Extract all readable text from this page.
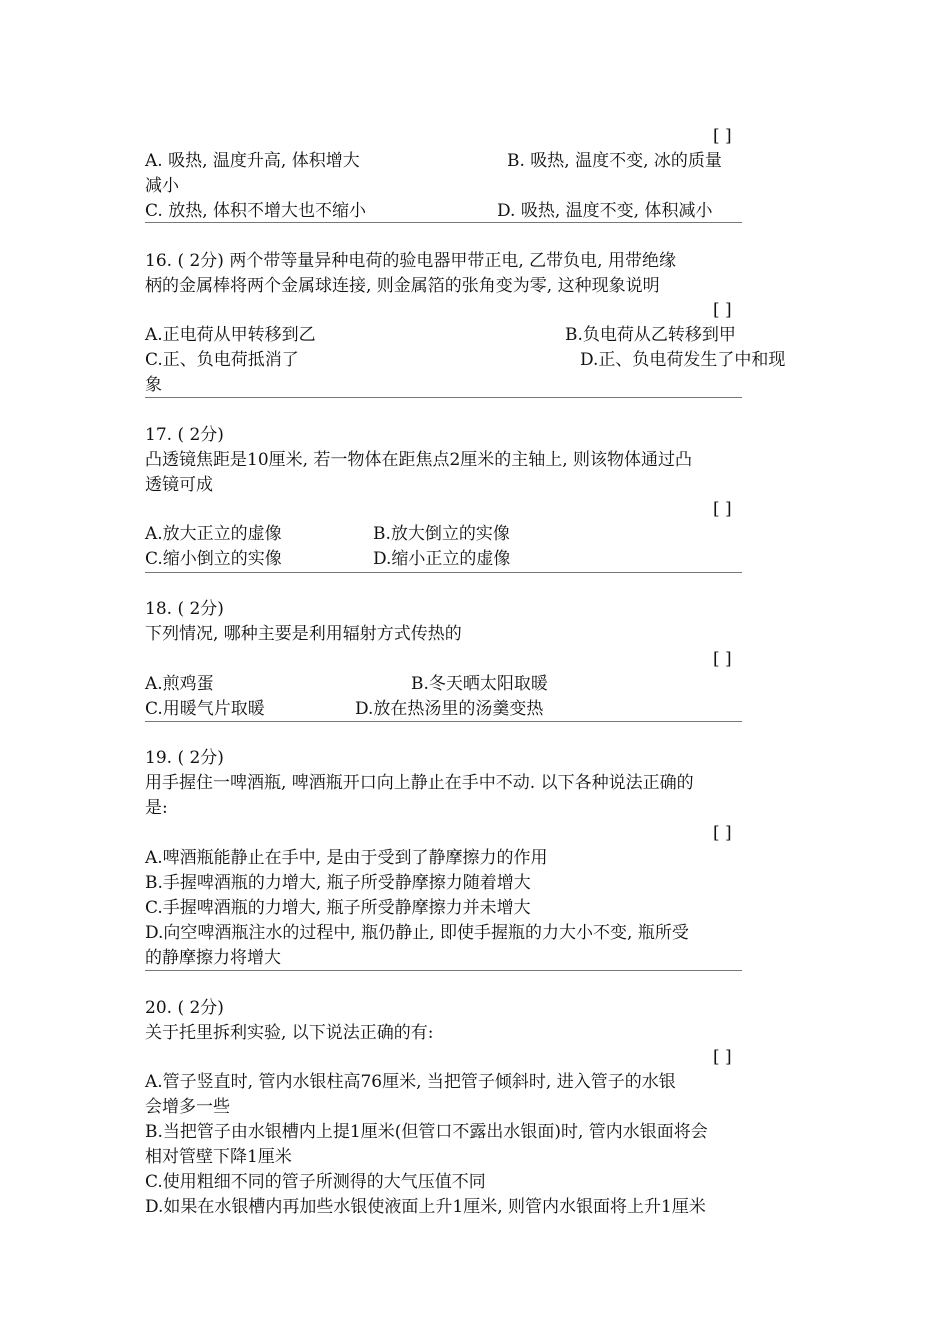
[ ]
A. 吸热, 温度升高, 体积增大	B. 吸热, 温度不变, 冰的质量
减小
C. 放热, 体积不增大也不缩小	D. 吸热, 温度不变, 体积减小
16. ( 2分) 两个带等量异种电荷的验电器甲带正电, 乙带负电, 用带绝缘
柄的金属棒将两个金属球连接, 则金属箔的张角变为零, 这种现象说明
[ ]
A.正电荷从甲转移到乙	B.负电荷从乙转移到甲
C.正、负电荷抵消了	D.正、负电荷发生了中和现
象
17. ( 2分)
凸透镜焦距是10厘米, 若一物体在距焦点2厘米的主轴上, 则该物体通过凸
透镜可成
[ ]
A.放大正立的虚像	B.放大倒立的实像
C.缩小倒立的实像	D.缩小正立的虚像
18. ( 2分)
下列情况, 哪种主要是利用辐射方式传热的
[ ]
A.煎鸡蛋	B.冬天晒太阳取暖
C.用暖气片取暖	D.放在热汤里的汤羹变热
19. ( 2分)
用手握住一啤酒瓶, 啤酒瓶开口向上静止在手中不动. 以下各种说法正确的
是:
[ ]
A.啤酒瓶能静止在手中, 是由于受到了静摩擦力的作用
B.手握啤酒瓶的力增大, 瓶子所受静摩擦力随着增大
C.手握啤酒瓶的力增大, 瓶子所受静摩擦力并未增大
D.向空啤酒瓶注水的过程中, 瓶仍静止, 即使手握瓶的力大小不变, 瓶所受
的静摩擦力将增大
20. ( 2分)
关于托里拆利实验, 以下说法正确的有:
[ ]
A.管子竖直时, 管内水银柱高76厘米, 当把管子倾斜时, 进入管子的水银
会增多一些
B.当把管子由水银槽内上提1厘米(但管口不露出水银面)时, 管内水银面将会
相对管壁下降1厘米
C.使用粗细不同的管子所测得的大气压值不同
D.如果在水银槽内再加些水银使液面上升1厘米, 则管内水银面将上升1厘米
